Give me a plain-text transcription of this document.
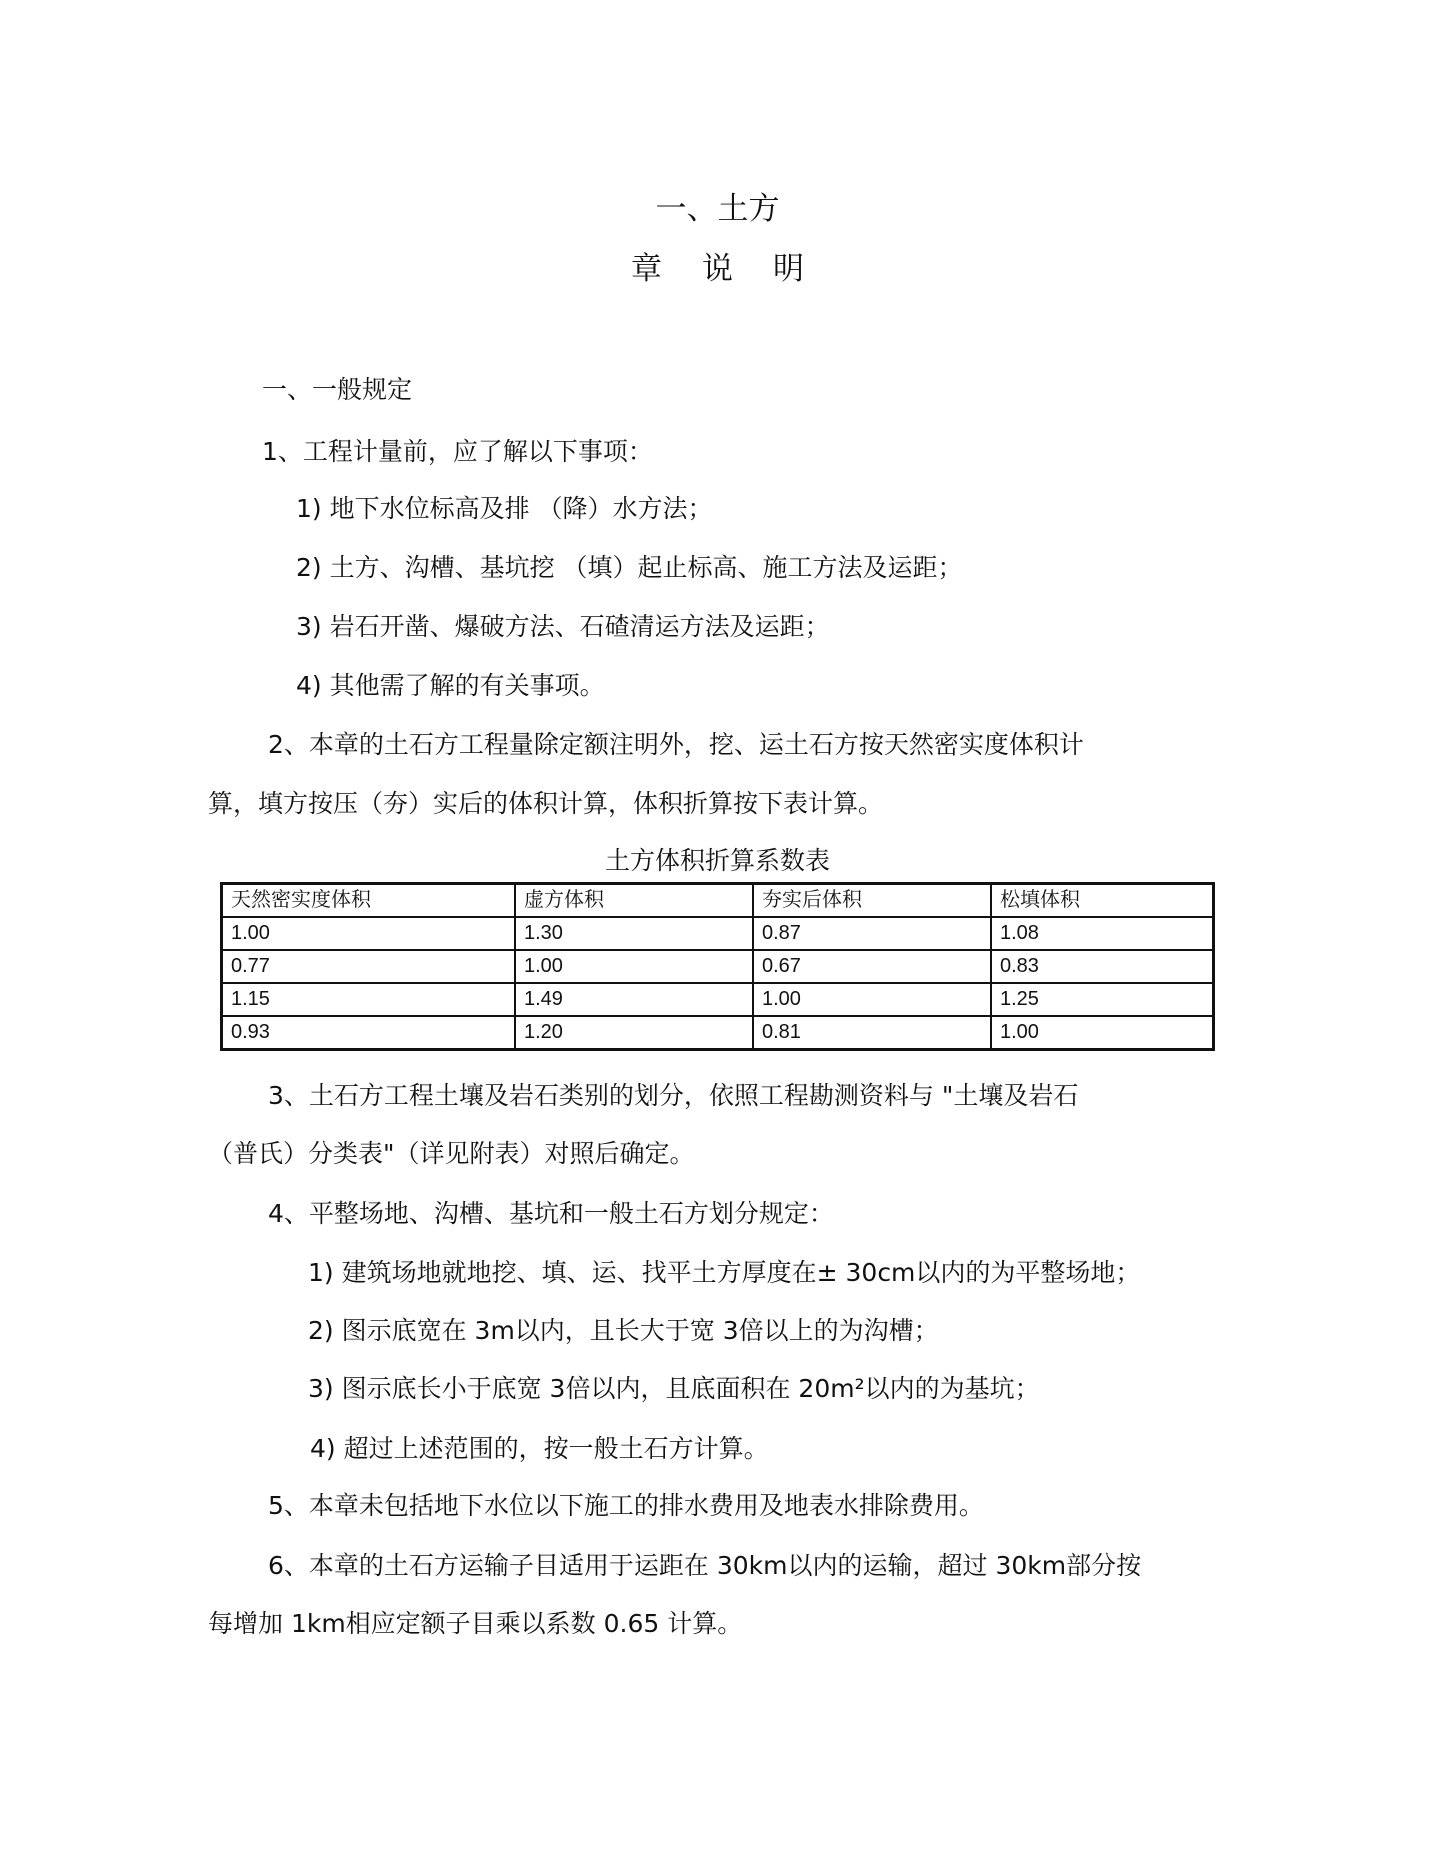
一、土方
章说明
一、一般规定
1、工程计量前，应了解以下事项：
1) 地下水位标高及排 （降）水方法；
2) 土方、沟槽、基坑挖 （填）起止标高、施工方法及运距；
3) 岩石开凿、爆破方法、石碴清运方法及运距；
4) 其他需了解的有关事项。
2、本章的土石方工程量除定额注明外，挖、运土石方按天然密实度体积计
算，填方按压（夯）实后的体积计算，体积折算按下表计算。
土方体积折算系数表
天然密实度体积	虚方体积	夯实后体积	松填体积
1.00	1.30	0.87	1.08
0.77	1.00	0.67	0.83
1.15	1.49	1.00	1.25
0.93	1.20	0.81	1.00
3、土石方工程土壤及岩石类别的划分，依照工程勘测资料与 "土壤及岩石
（普氏）分类表"（详见附表）对照后确定。
4、平整场地、沟槽、基坑和一般土石方划分规定：
1) 建筑场地就地挖、填、运、找平土方厚度在± 30cm以内的为平整场地；
2) 图示底宽在 3m以内，且长大于宽 3倍以上的为沟槽；
3) 图示底长小于底宽 3倍以内，且底面积在 20m²以内的为基坑；
4) 超过上述范围的，按一般土石方计算。
5、本章未包括地下水位以下施工的排水费用及地表水排除费用。
6、本章的土石方运输子目适用于运距在 30km以内的运输，超过 30km部分按
每增加 1km相应定额子目乘以系数 0.65 计算。
